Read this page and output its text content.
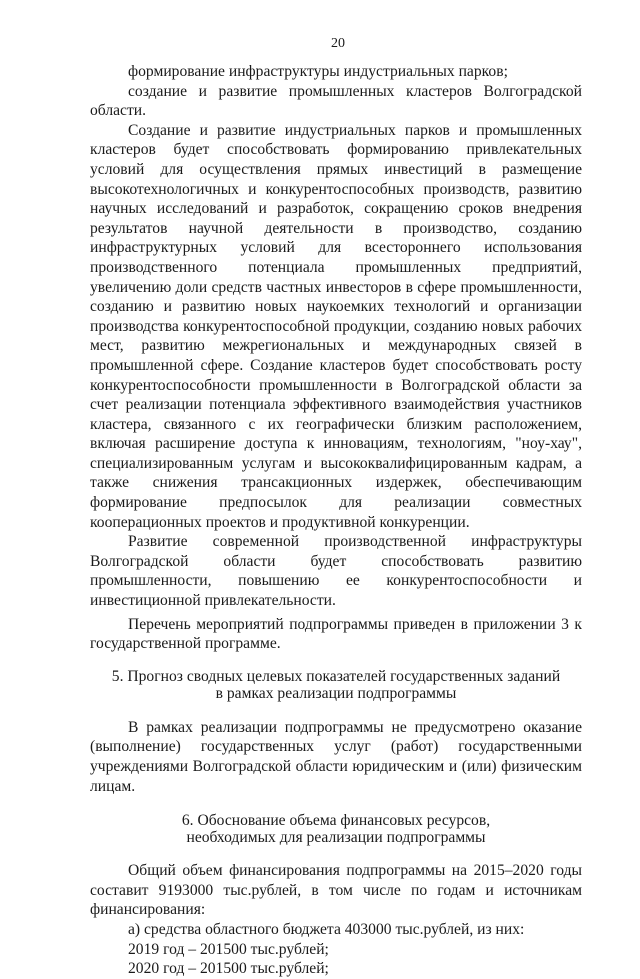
20

формирование инфраструктуры индустриальных парков;

создание и развитие промышленных кластеров Волгоградской области.

Создание и развитие индустриальных парков и промышленных кластеров будет способствовать формированию привлекательных условий для осуществления прямых инвестиций в размещение высокотехнологичных и конкурентоспособных производств, развитию научных исследований и разработок, сокращению сроков внедрения результатов научной деятельности в производство, созданию инфраструктурных условий для всестороннего использования производственного потенциала промышленных предприятий, увеличению доли средств частных инвесторов в сфере промышленности, созданию и развитию новых наукоемких технологий и организации производства конкурентоспособной продукции, созданию новых рабочих мест, развитию межрегиональных и международных связей в промышленной сфере. Создание кластеров будет способствовать росту конкурентоспособности промышленности в Волгоградской области за счет реализации потенциала эффективного взаимодействия участников кластера, связанного с их географически близким расположением, включая расширение доступа к инновациям, технологиям, "ноу-хау", специализированным услугам и высококвалифицированным кадрам, а также снижения трансакционных издержек, обеспечивающим формирование предпосылок для реализации совместных кооперационных проектов и продуктивной конкуренции.

Развитие современной производственной инфраструктуры Волгоградской области будет способствовать развитию промышленности, повышению ее конкурентоспособности и инвестиционной привлекательности.

Перечень мероприятий подпрограммы приведен в приложении 3 к государственной программе.

5. Прогноз сводных целевых показателей государственных заданий
в рамках реализации подпрограммы

В рамках реализации подпрограммы не предусмотрено оказание (выполнение) государственных услуг (работ) государственными учреждениями Волгоградской области юридическим и (или) физическим лицам.

6. Обоснование объема финансовых ресурсов,
необходимых для реализации подпрограммы

Общий объем финансирования подпрограммы на 2015–2020 годы составит 9193000 тыс.рублей, в том числе по годам и источникам финансирования:

а) средства областного бюджета 403000 тыс.рублей, из них:

2019 год – 201500 тыс.рублей;

2020 год – 201500 тыс.рублей;
